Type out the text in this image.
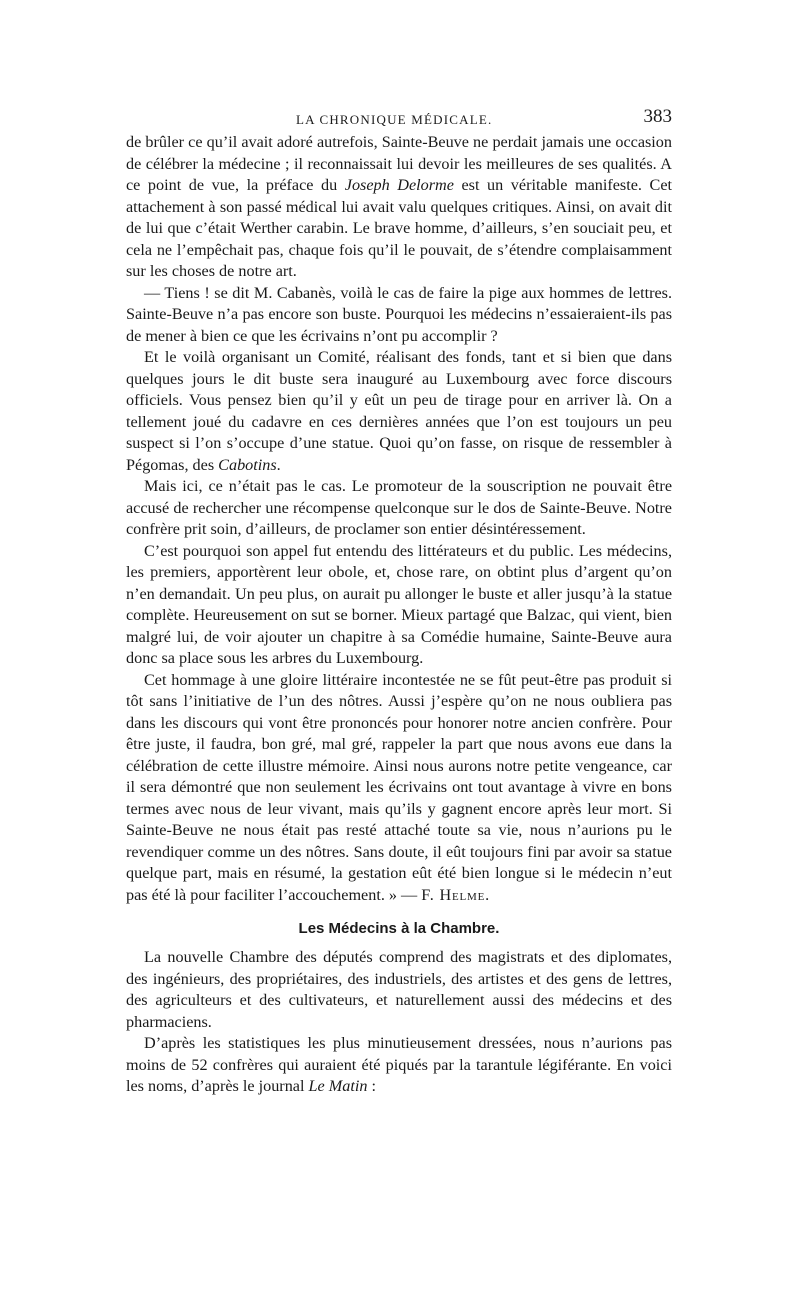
LA CHRONIQUE MÉDICALE.	383

de brûler ce qu’il avait adoré autrefois, Sainte-Beuve ne perdait jamais une occasion de célébrer la médecine ; il reconnaissait lui devoir les meilleures de ses qualités. A ce point de vue, la préface du Joseph Delorme est un véritable manifeste. Cet attachement à son passé médical lui avait valu quelques critiques. Ainsi, on avait dit de lui que c’était Werther carabin. Le brave homme, d’ailleurs, s’en souciait peu, et cela ne l’empêchait pas, chaque fois qu’il le pouvait, de s’étendre complaisamment sur les choses de notre art.

— Tiens ! se dit M. Cabanès, voilà le cas de faire la pige aux hommes de lettres. Sainte-Beuve n’a pas encore son buste. Pourquoi les médecins n’essaieraient-ils pas de mener à bien ce que les écrivains n’ont pu accomplir ?

Et le voilà organisant un Comité, réalisant des fonds, tant et si bien que dans quelques jours le dit buste sera inauguré au Luxembourg avec force discours officiels. Vous pensez bien qu’il y eût un peu de tirage pour en arriver là. On a tellement joué du cadavre en ces dernières années que l’on est toujours un peu suspect si l’on s’occupe d’une statue. Quoi qu’on fasse, on risque de ressembler à Pégomas, des Cabotins.

Mais ici, ce n’était pas le cas. Le promoteur de la souscription ne pouvait être accusé de rechercher une récompense quelconque sur le dos de Sainte-Beuve. Notre confrère prit soin, d’ailleurs, de proclamer son entier désintéressement.

C’est pourquoi son appel fut entendu des littérateurs et du public. Les médecins, les premiers, apportèrent leur obole, et, chose rare, on obtint plus d’argent qu’on n’en demandait. Un peu plus, on aurait pu allonger le buste et aller jusqu’à la statue complète. Heureusement on sut se borner. Mieux partagé que Balzac, qui vient, bien malgré lui, de voir ajouter un chapitre à sa Comédie humaine, Sainte-Beuve aura donc sa place sous les arbres du Luxembourg.

Cet hommage à une gloire littéraire incontestée ne se fût peut-être pas produit si tôt sans l’initiative de l’un des nôtres. Aussi j’espère qu’on ne nous oubliera pas dans les discours qui vont être prononcés pour honorer notre ancien confrère. Pour être juste, il faudra, bon gré, mal gré, rappeler la part que nous avons eue dans la célébration de cette illustre mémoire. Ainsi nous aurons notre petite vengeance, car il sera démontré que non seulement les écrivains ont tout avantage à vivre en bons termes avec nous de leur vivant, mais qu’ils y gagnent encore après leur mort. Si Sainte-Beuve ne nous était pas resté attaché toute sa vie, nous n’aurions pu le revendiquer comme un des nôtres. Sans doute, il eût toujours fini par avoir sa statue quelque part, mais en résumé, la gestation eût été bien longue si le médecin n’eut pas été là pour faciliter l’accouchement. » — F. Helme.

Les Médecins à la Chambre.

La nouvelle Chambre des députés comprend des magistrats et des diplomates, des ingénieurs, des propriétaires, des industriels, des artistes et des gens de lettres, des agriculteurs et des cultivateurs, et naturellement aussi des médecins et des pharmaciens.

D’après les statistiques les plus minutieusement dressées, nous n’aurions pas moins de 52 confrères qui auraient été piqués par la tarantule légiférante. En voici les noms, d’après le journal Le Matin :
